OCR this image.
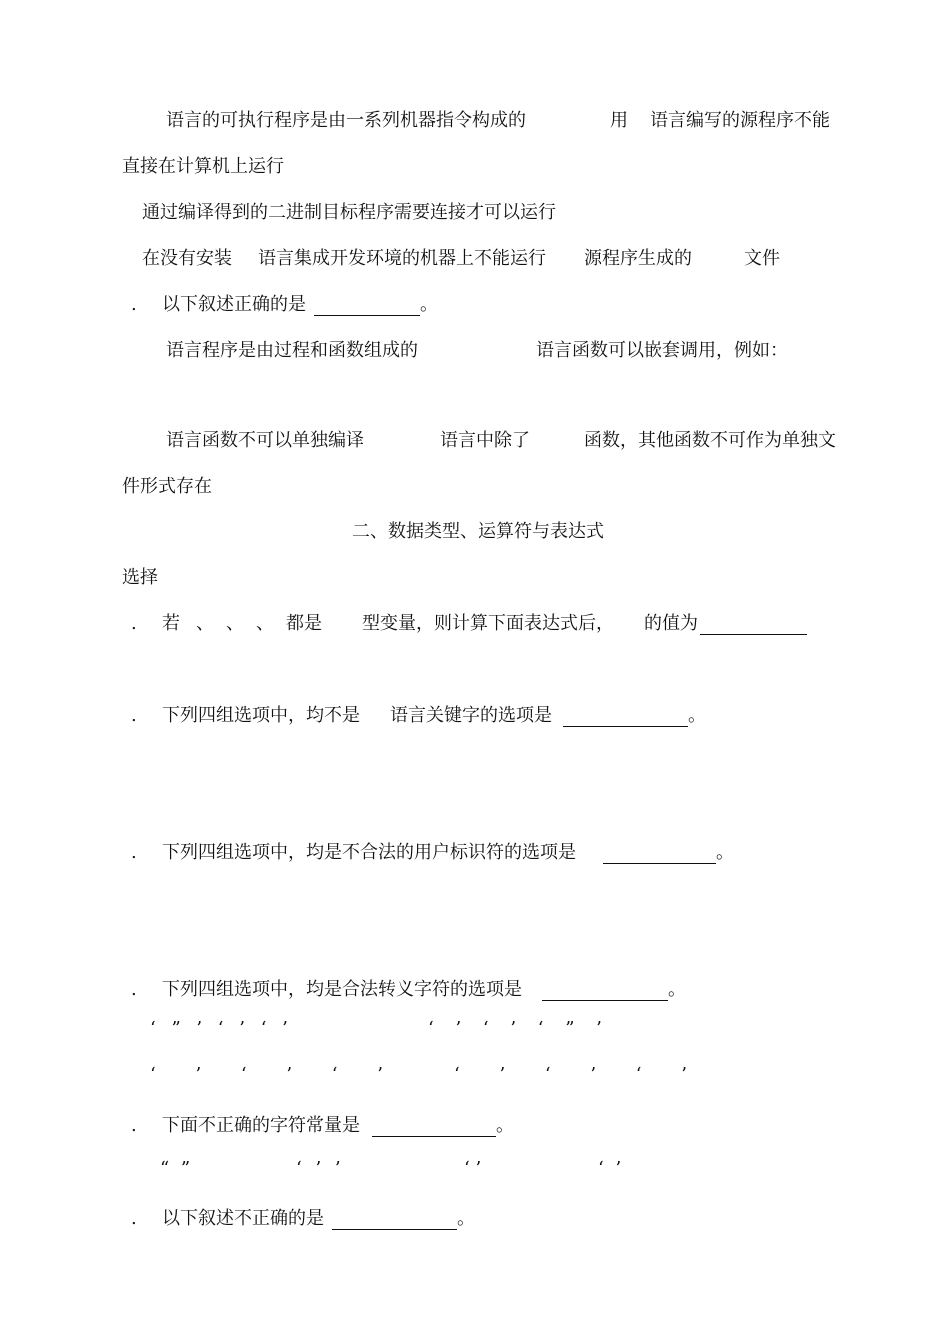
语言的可执行程序是由一系列机器指令构成的	用 语言编写的源程序不能
直接在计算机上运行
通过编译得到的二进制目标程序需要连接才可以运行
在没有安装 语言集成开发环境的机器上不能运行 源程序生成的	文件
. 以下叙述正确的是	。
语言程序是由过程和函数组成的	语言函数可以嵌套调用，例如：
语言函数不可以单独编译	语言中除了	函数，其他函数不可作为单独文
件形式存在
二、数据类型、运算符与表达式
选择
. 若 、 、 、 都是 型变量，则计算下面表达式后， 的值为
. 下列四组选项中，均不是 语言关键字的选项是	。
. 下列四组选项中，均是不合法的用户标识符的选项是	。
. 下列四组选项中，均是合法转义字符的选项是	。
‘ ” ’ ‘ ’ ‘ ’	‘ ’ ‘ ’ ‘ ” ’
‘ ’ ‘ ’ ‘ ’	‘ ’ ‘ ’ ‘ ’
. 下面不正确的字符常量是	。
“ ”	‘ ’ ’	‘ ’	‘ ’
. 以下叙述不正确的是	。
